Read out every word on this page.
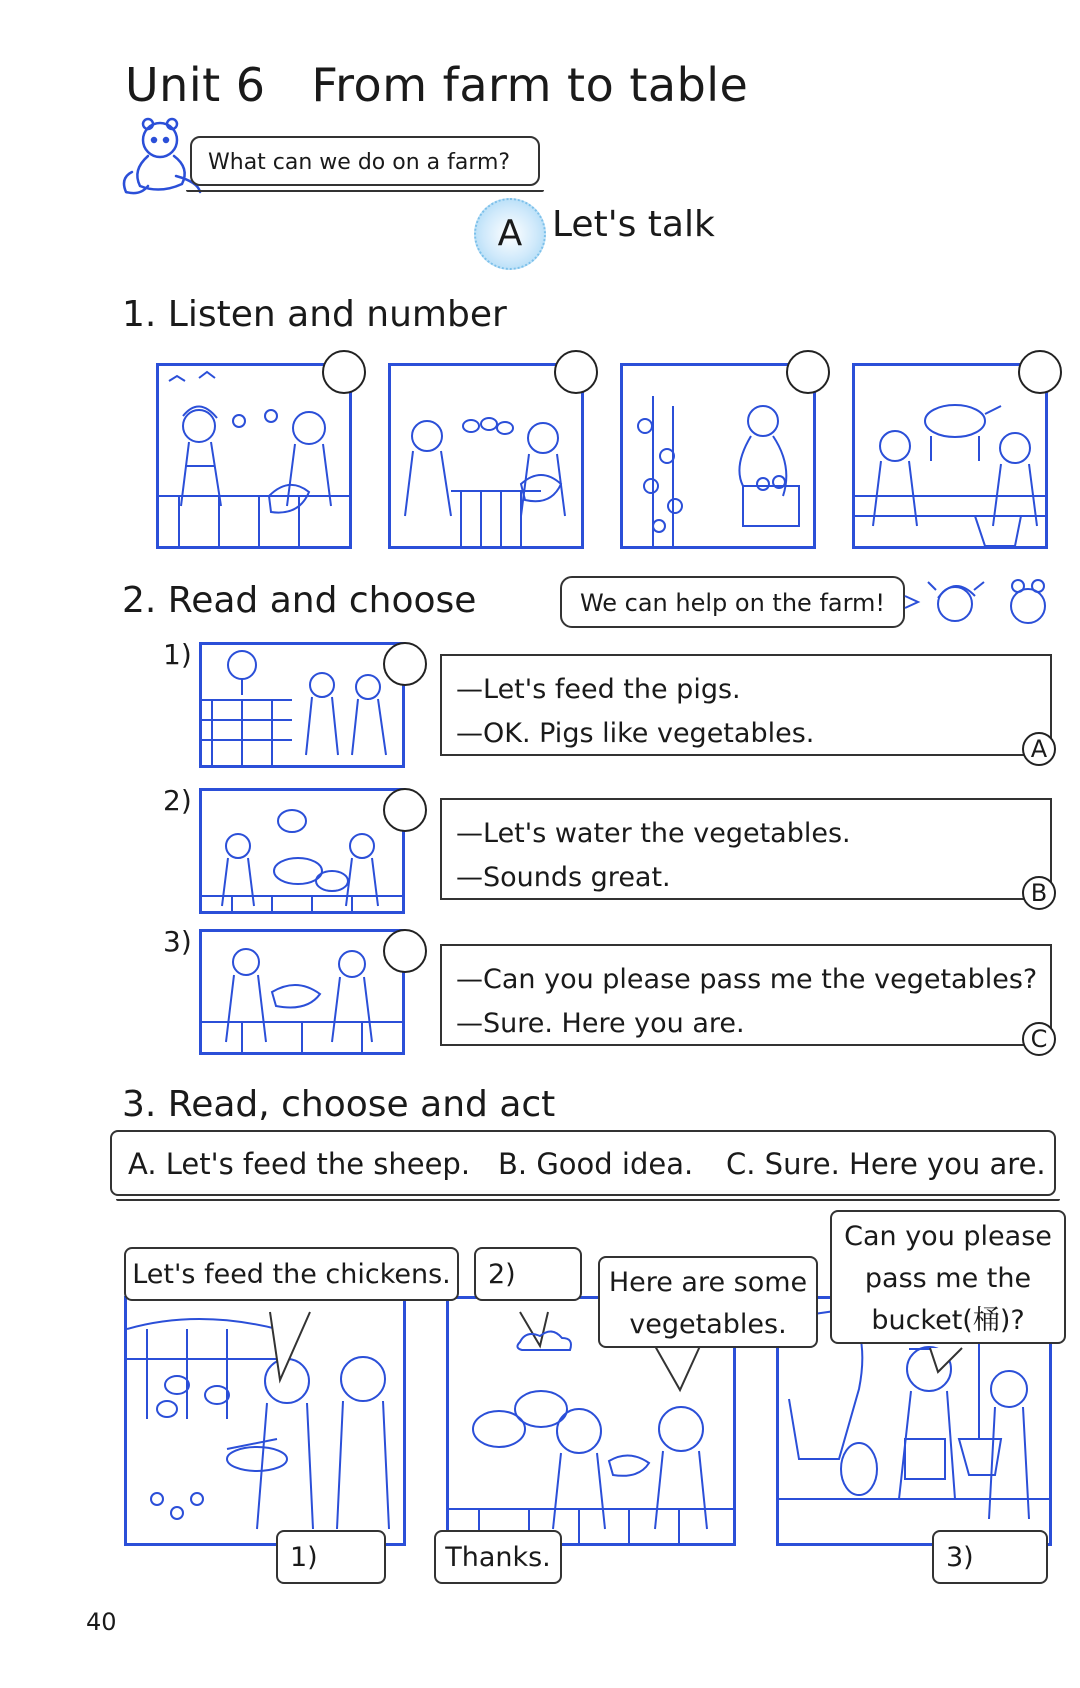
Unit 6 From farm to table
What can we do on a farm?
A Let's talk
1. Listen and number
2. Read and choose	We can help on the farm!
1)
2)
3)
—Let's feed the pigs.
—OK. Pigs like vegetables.	A
—Let's water the vegetables.
—Sounds great.	B
—Can you please pass me the vegetables?
—Sure. Here you are.	C
3. Read, choose and act
A. Let's feed the sheep. B. Good idea. C. Sure. Here you are.
Let's feed the chickens.	2)	Here are some
vegetables.
Can you please
pass me the
bucket(桶)?
1)	Thanks.	3)
40
